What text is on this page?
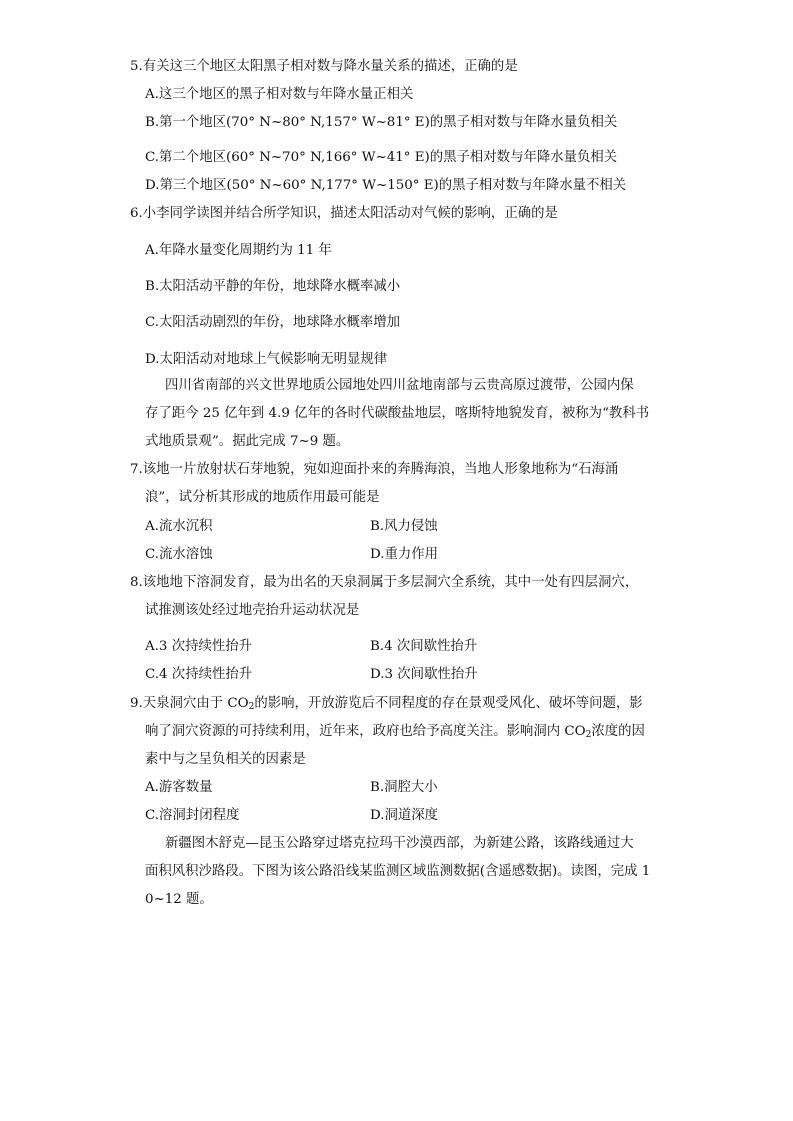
5.有关这三个地区太阳黑子相对数与降水量关系的描述，正确的是
A.这三个地区的黑子相对数与年降水量正相关
B.第一个地区(70° N~80° N,157° W~81° E)的黑子相对数与年降水量负相关
C.第二个地区(60° N~70° N,166° W~41° E)的黑子相对数与年降水量负相关
D.第三个地区(50° N~60° N,177° W~150° E)的黑子相对数与年降水量不相关
6.小李同学读图并结合所学知识，描述太阳活动对气候的影响，正确的是
A.年降水量变化周期约为 11 年
B.太阳活动平静的年份，地球降水概率减小
C.太阳活动剧烈的年份，地球降水概率增加
D.太阳活动对地球上气候影响无明显规律
四川省南部的兴文世界地质公园地处四川盆地南部与云贵高原过渡带，公园内保
存了距今 25 亿年到 4.9 亿年的各时代碳酸盐地层，喀斯特地貌发育，被称为“教科书
式地质景观”。据此完成 7~9 题。
7.该地一片放射状石芽地貌，宛如迎面扑来的奔腾海浪，当地人形象地称为“石海涌
浪”，试分析其形成的地质作用最可能是
A.流水沉积	B.风力侵蚀
C.流水溶蚀	D.重力作用
8.该地地下溶洞发育，最为出名的天泉洞属于多层洞穴全系统，其中一处有四层洞穴，
试推测该处经过地壳抬升运动状况是
A.3 次持续性抬升	B.4 次间歇性抬升
C.4 次持续性抬升	D.3 次间歇性抬升
9.天泉洞穴由于 $CO_2$的影响，开放游览后不同程度的存在景观受风化、破坏等问题，影
响了洞穴资源的可持续利用，近年来，政府也给予高度关注。影响洞内 $CO_2$浓度的因
素中与之呈负相关的因素是
A.游客数量	B.洞腔大小
C.溶洞封闭程度	D.洞道深度
新疆图木舒克—昆玉公路穿过塔克拉玛干沙漠西部，为新建公路，该路线通过大
面积风积沙路段。下图为该公路沿线某监测区域监测数据(含遥感数据)。读图，完成 1
0~12 题。
